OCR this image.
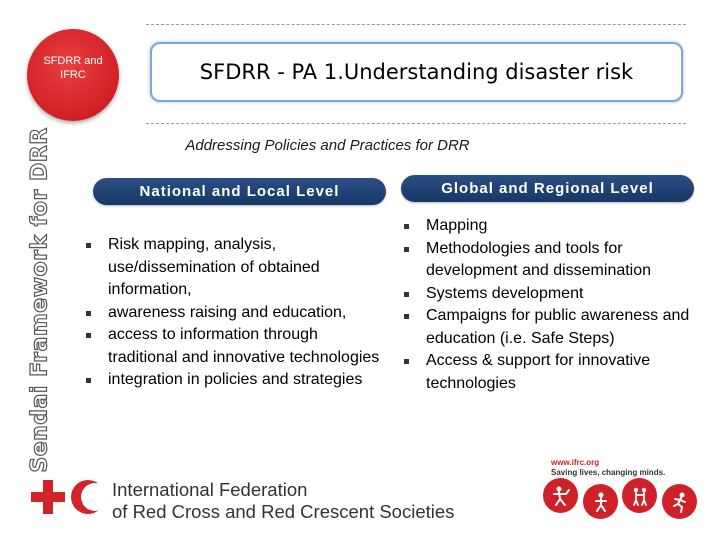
Sendai Framework for DRR
SFDRR and IFRC	SFDRR - PA 1.Understanding disaster risk
Addressing Policies and Practices for DRR
National and Local Level	Global and Regional Level
Risk mapping, analysis, use/dissemination of obtained information,
awareness raising and education,
access to information through traditional and innovative technologies
integration in policies and strategies
Mapping
Methodologies and tools for development and dissemination
Systems development
Campaigns for public awareness and education (i.e. Safe Steps)
Access & support for innovative technologies
International Federation
of Red Cross and Red Crescent Societies
www.ifrc.org
Saving lives, changing minds.
